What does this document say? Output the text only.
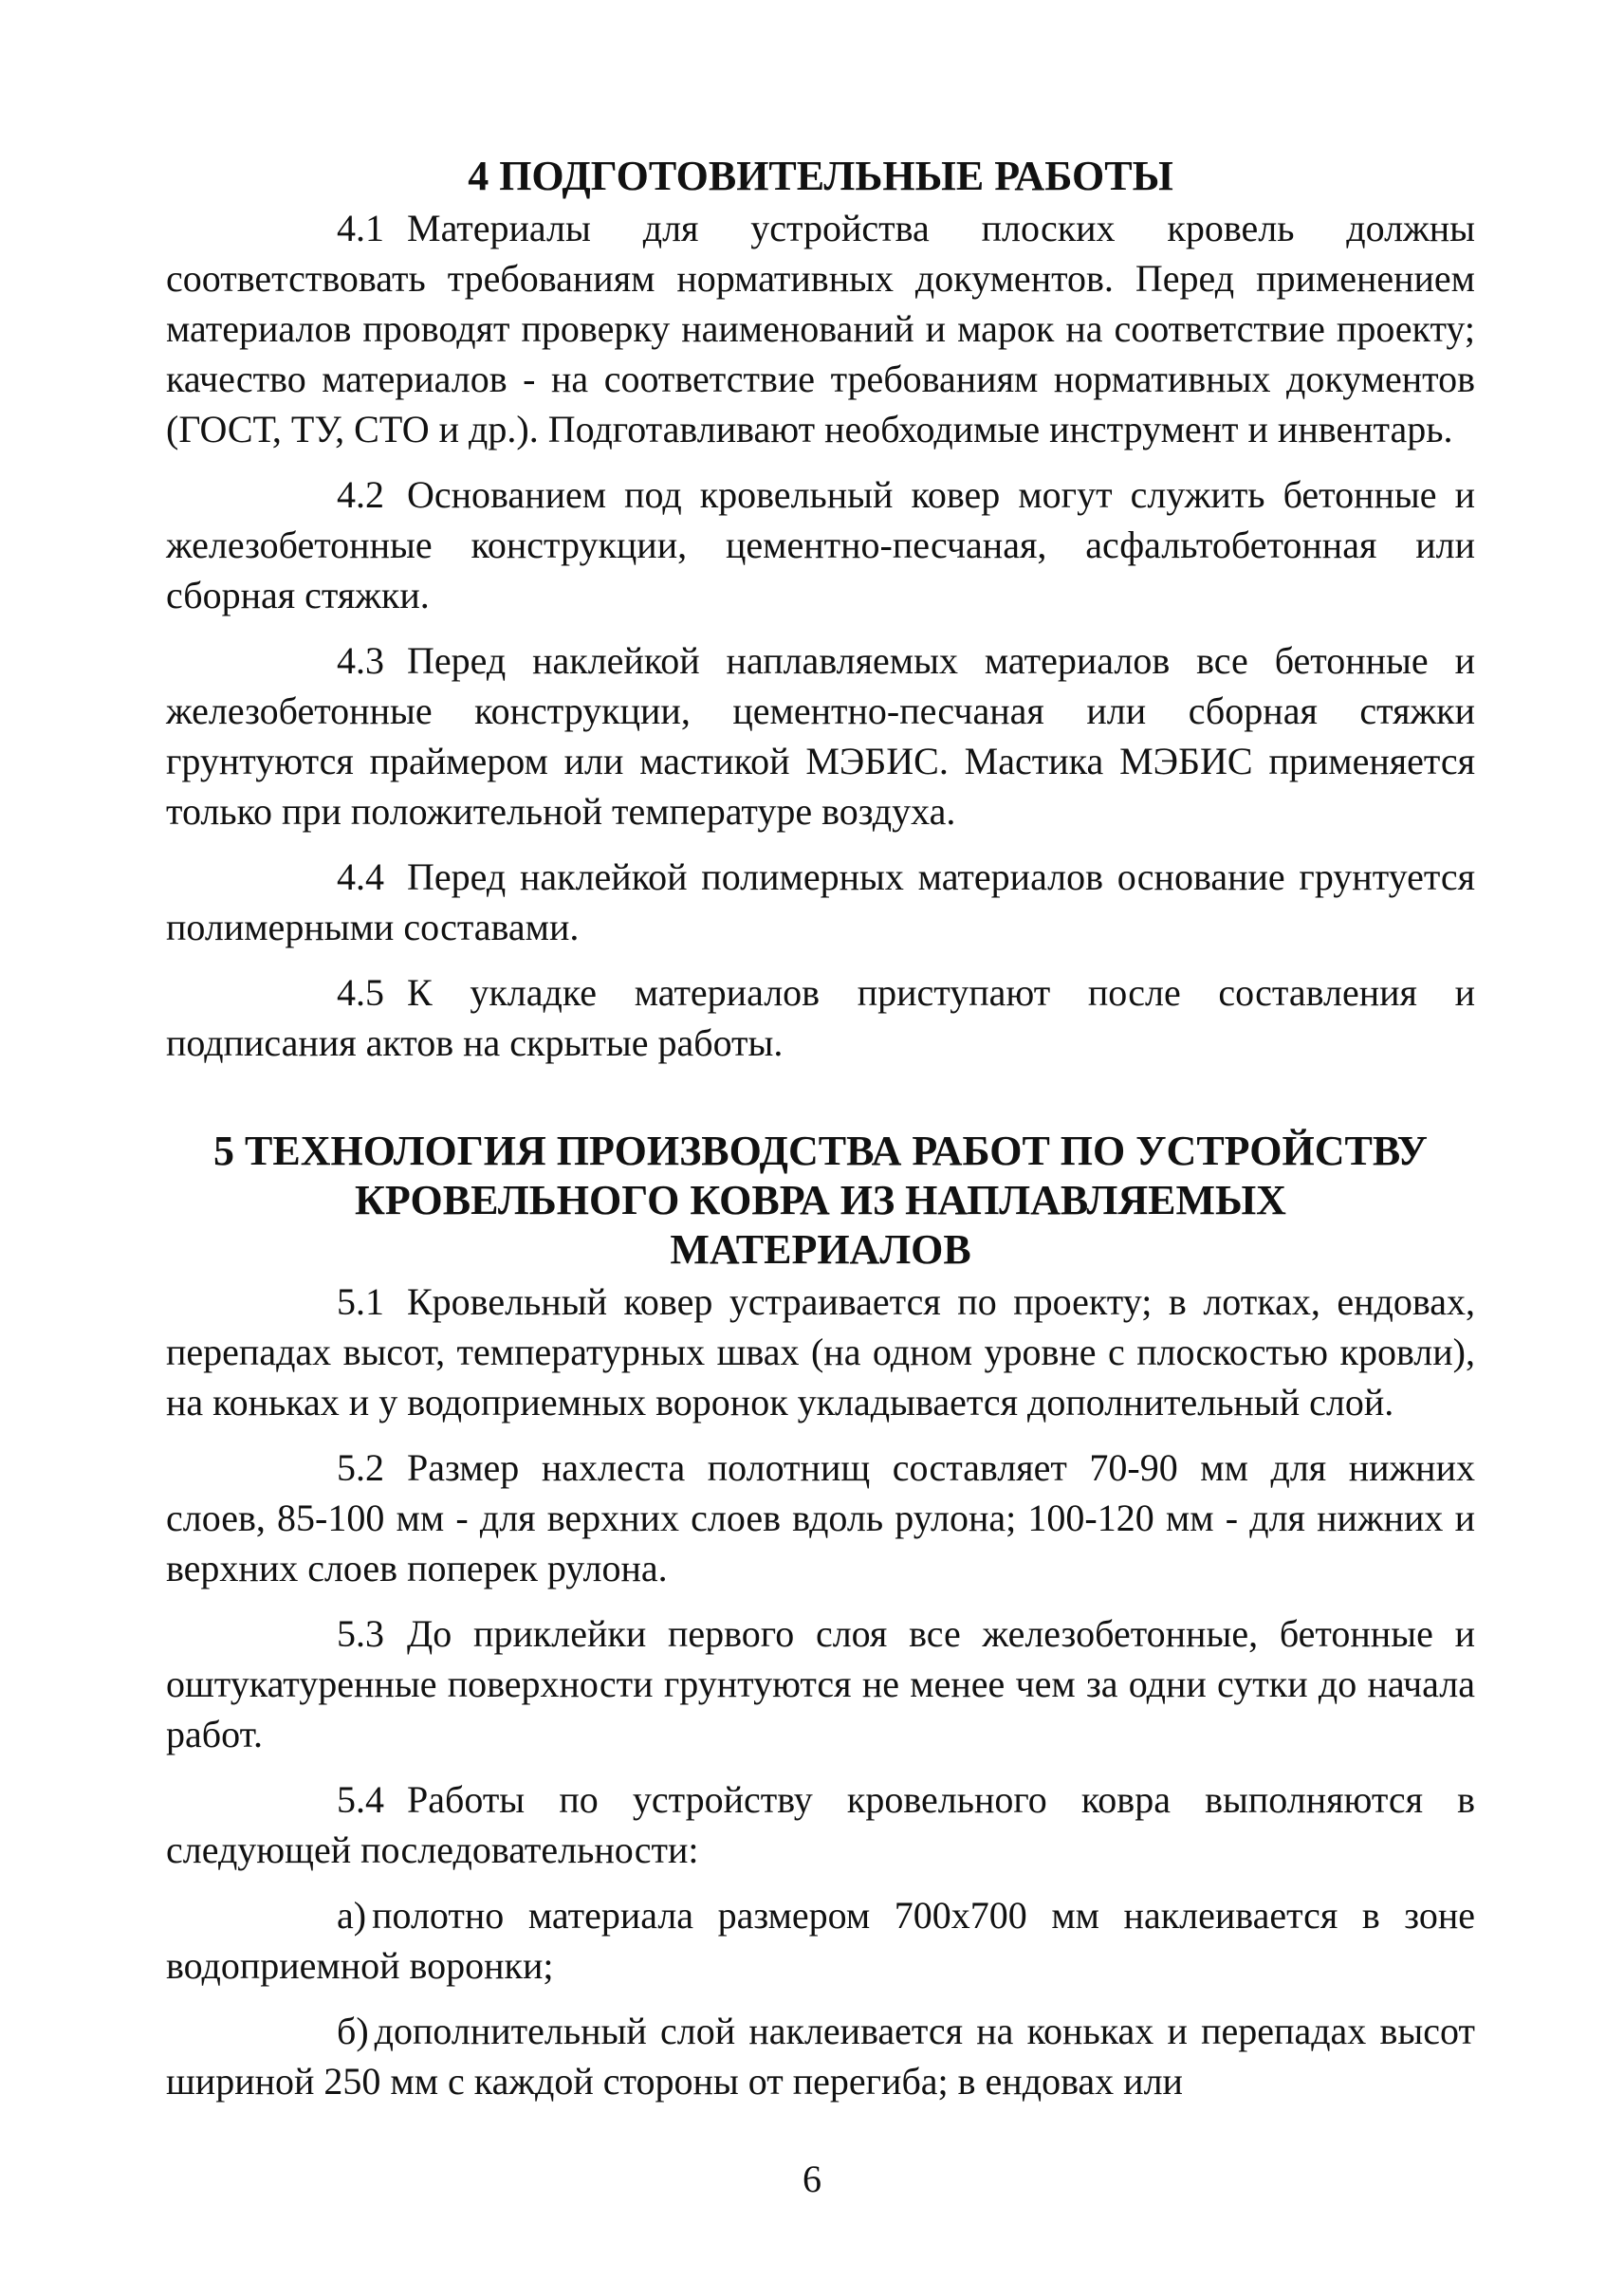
4 ПОДГОТОВИТЕЛЬНЫЕ РАБОТЫ

4.1 Материалы для устройства плоских кровель должны соответствовать требованиям нормативных документов. Перед применением материалов проводят проверку наименований и марок на соответствие проекту; качество материалов - на соответствие требованиям нормативных документов (ГОСТ, ТУ, СТО и др.). Подготавливают необходимые инструмент и инвентарь.

4.2 Основанием под кровельный ковер могут служить бетонные и железобетонные конструкции, цементно-песчаная, асфальтобетонная или сборная стяжки.

4.3 Перед наклейкой наплавляемых материалов все бетонные и железобетонные конструкции, цементно-песчаная или сборная стяжки грунтуются праймером или мастикой МЭБИС. Мастика МЭБИС применяется только при положительной температуре воздуха.

4.4 Перед наклейкой полимерных материалов основание грунтуется полимерными составами.

4.5 К укладке материалов приступают после составления и подписания актов на скрытые работы.

5 ТЕХНОЛОГИЯ ПРОИЗВОДСТВА РАБОТ ПО УСТРОЙСТВУ
КРОВЕЛЬНОГО КОВРА ИЗ НАПЛАВЛЯЕМЫХ
МАТЕРИАЛОВ

5.1 Кровельный ковер устраивается по проекту; в лотках, ендовах, перепадах высот, температурных швах (на одном уровне с плоскостью кровли), на коньках и у водоприемных воронок укладывается дополнительный слой.

5.2 Размер нахлеста полотнищ составляет 70-90 мм для нижних слоев, 85-100 мм - для верхних слоев вдоль рулона; 100-120 мм - для нижних и верхних слоев поперек рулона.

5.3 До приклейки первого слоя все железобетонные, бетонные и оштукатуренные поверхности грунтуются не менее чем за одни сутки до начала работ.

5.4 Работы по устройству кровельного ковра выполняются в следующей последовательности:

а) полотно материала размером 700х700 мм наклеивается в зоне водоприемной воронки;

б) дополнительный слой наклеивается на коньках и перепадах высот шириной 250 мм с каждой стороны от перегиба; в ендовах или

6
